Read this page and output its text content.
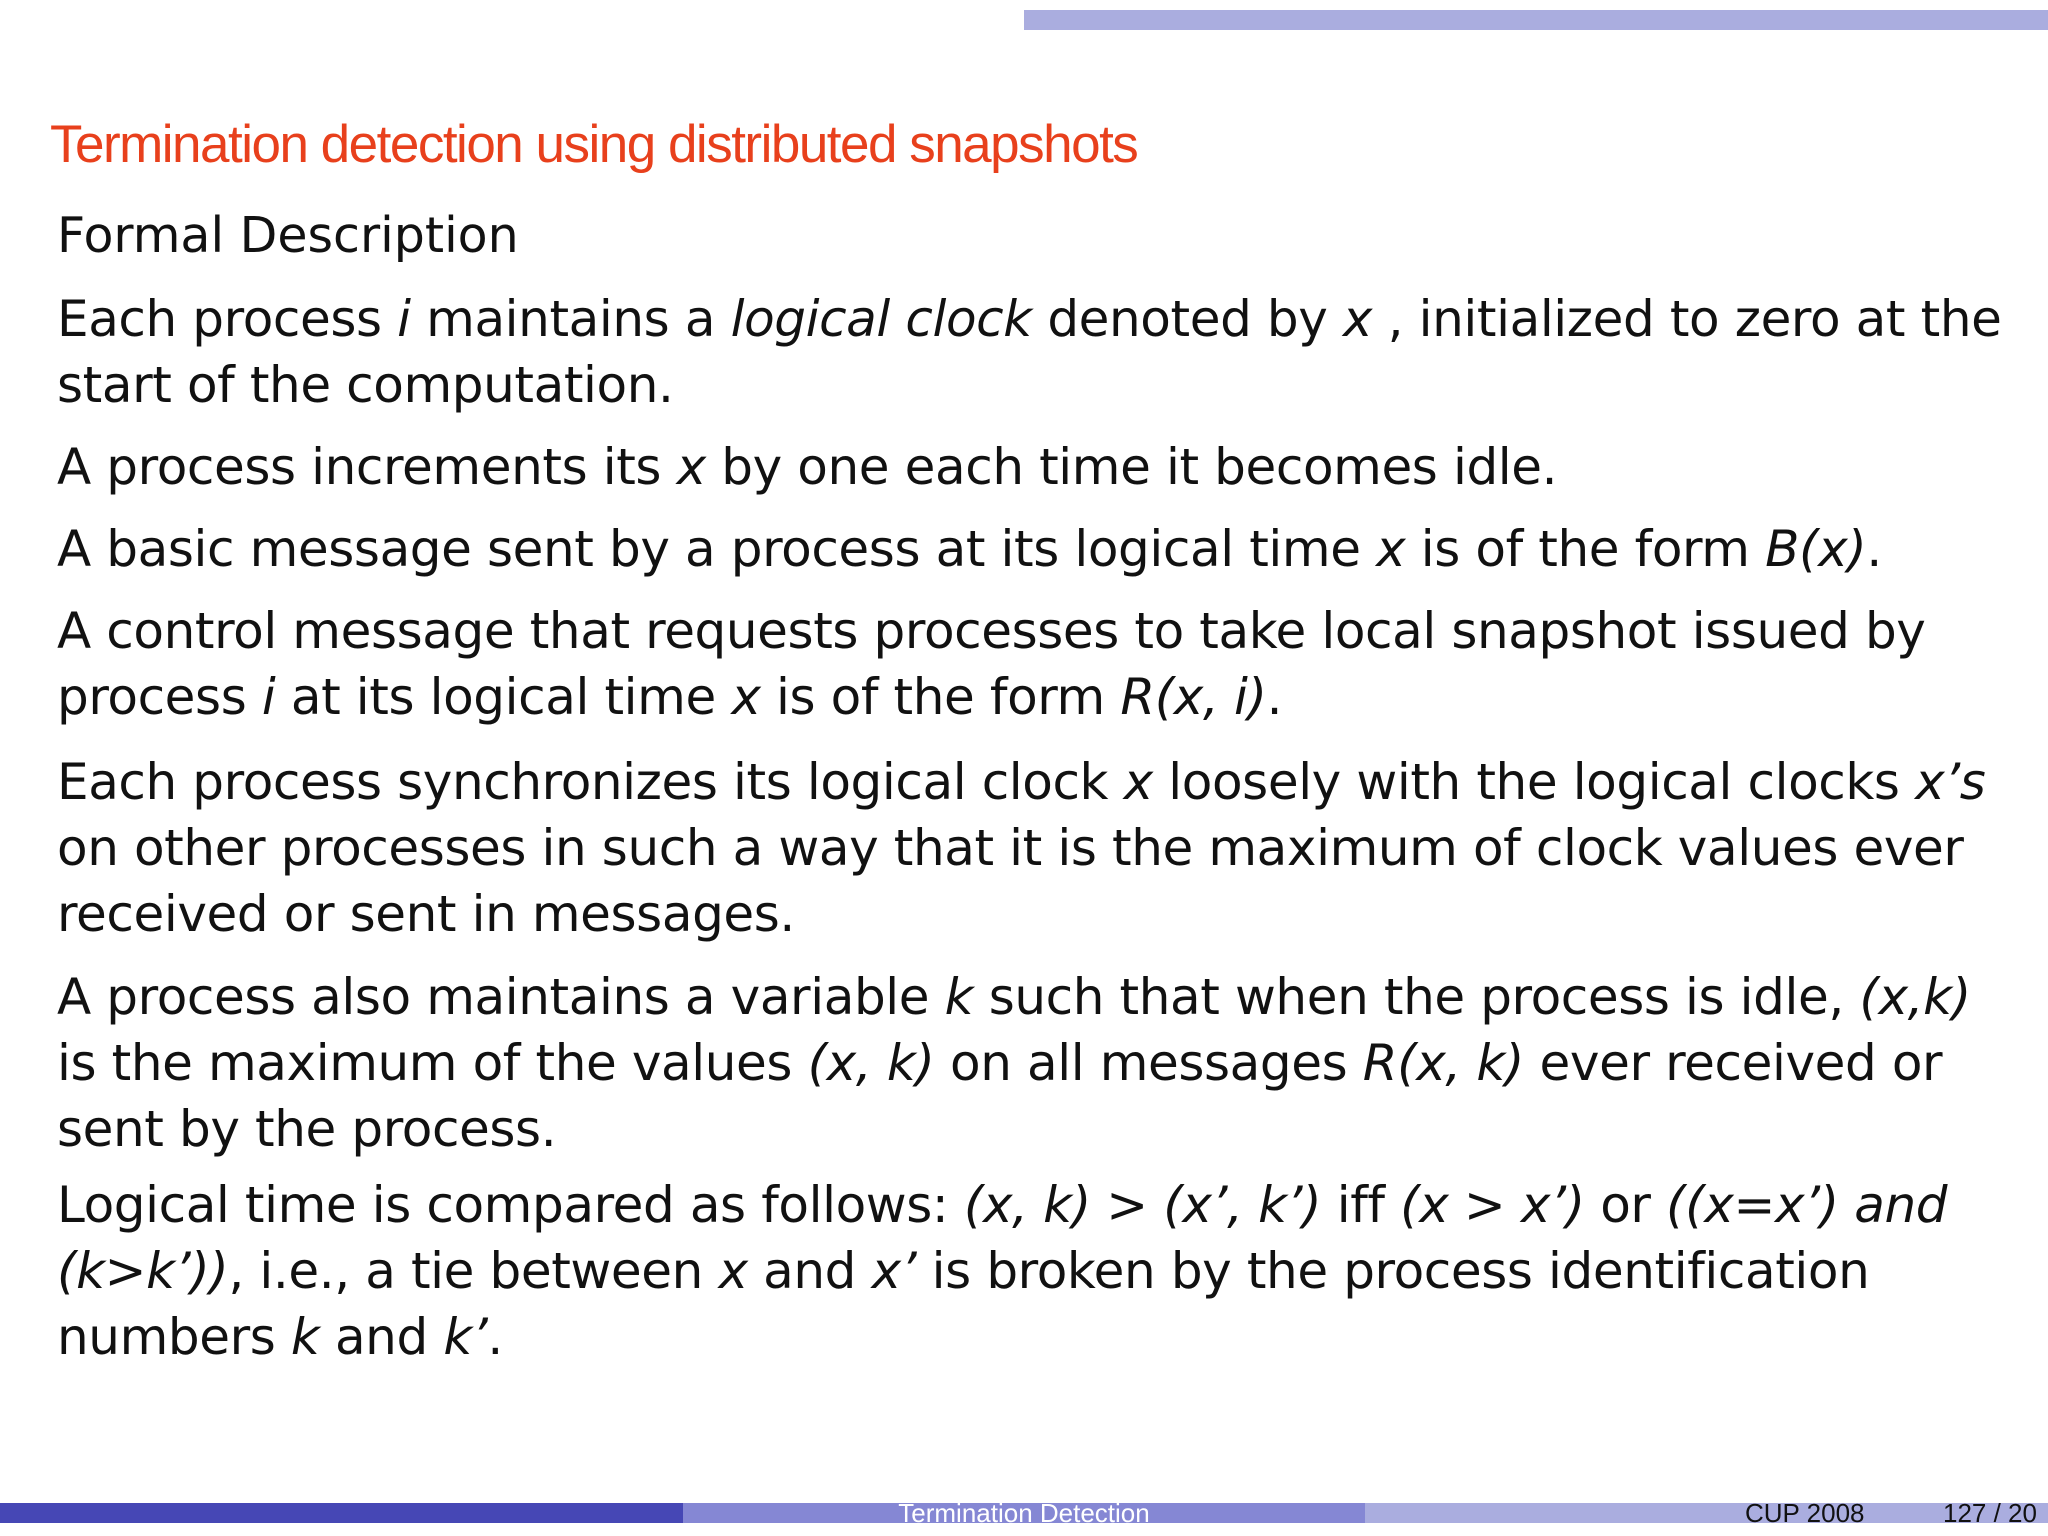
Termination detection using distributed snapshots
Formal Description
Each process i maintains a logical clock denoted by x , initialized to zero at the start of the computation.
A process increments its x by one each time it becomes idle.
A basic message sent by a process at its logical time x is of the form B(x).
A control message that requests processes to take local snapshot issued by process i at its logical time x is of the form R(x, i).
Each process synchronizes its logical clock x loosely with the logical clocks x’s on other processes in such a way that it is the maximum of clock values ever received or sent in messages.
A process also maintains a variable k such that when the process is idle, (x,k) is the maximum of the values (x, k) on all messages R(x, k) ever received or sent by the process.
Logical time is compared as follows: (x, k) > (x’, k’) iff (x > x’) or ((x=x’) and (k>k’)), i.e., a tie between x and x’ is broken by the process identification numbers k and k’.
Termination Detection	CUP 2008	127 / 20
